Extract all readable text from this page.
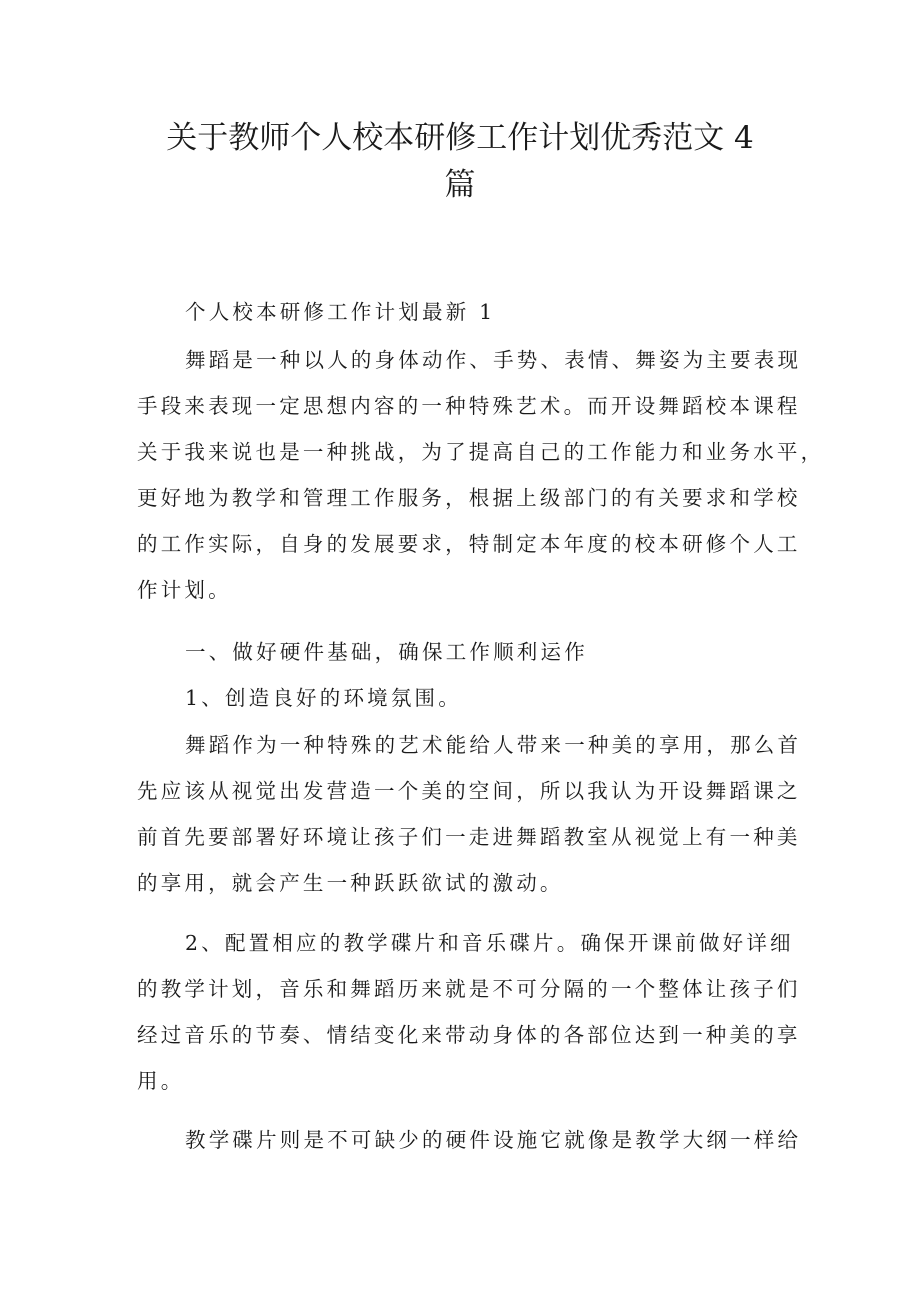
关于教师个人校本研修工作计划优秀范文 4
篇

个人校本研修工作计划最新 1

舞蹈是一种以人的身体动作、手势、表情、舞姿为主要表现
手段来表现一定思想内容的一种特殊艺术。而开设舞蹈校本课程
关于我来说也是一种挑战，为了提高自己的工作能力和业务水平，
更好地为教学和管理工作服务，根据上级部门的有关要求和学校
的工作实际，自身的发展要求，特制定本年度的校本研修个人工
作计划。

一、做好硬件基础，确保工作顺利运作

1、创造良好的环境氛围。

舞蹈作为一种特殊的艺术能给人带来一种美的享用，那么首
先应该从视觉出发营造一个美的空间，所以我认为开设舞蹈课之
前首先要部署好环境让孩子们一走进舞蹈教室从视觉上有一种美
的享用，就会产生一种跃跃欲试的激动。

2、配置相应的教学碟片和音乐碟片。确保开课前做好详细
的教学计划，音乐和舞蹈历来就是不可分隔的一个整体让孩子们
经过音乐的节奏、情结变化来带动身体的各部位达到一种美的享
用。

教学碟片则是不可缺少的硬件设施它就像是教学大纲一样给
